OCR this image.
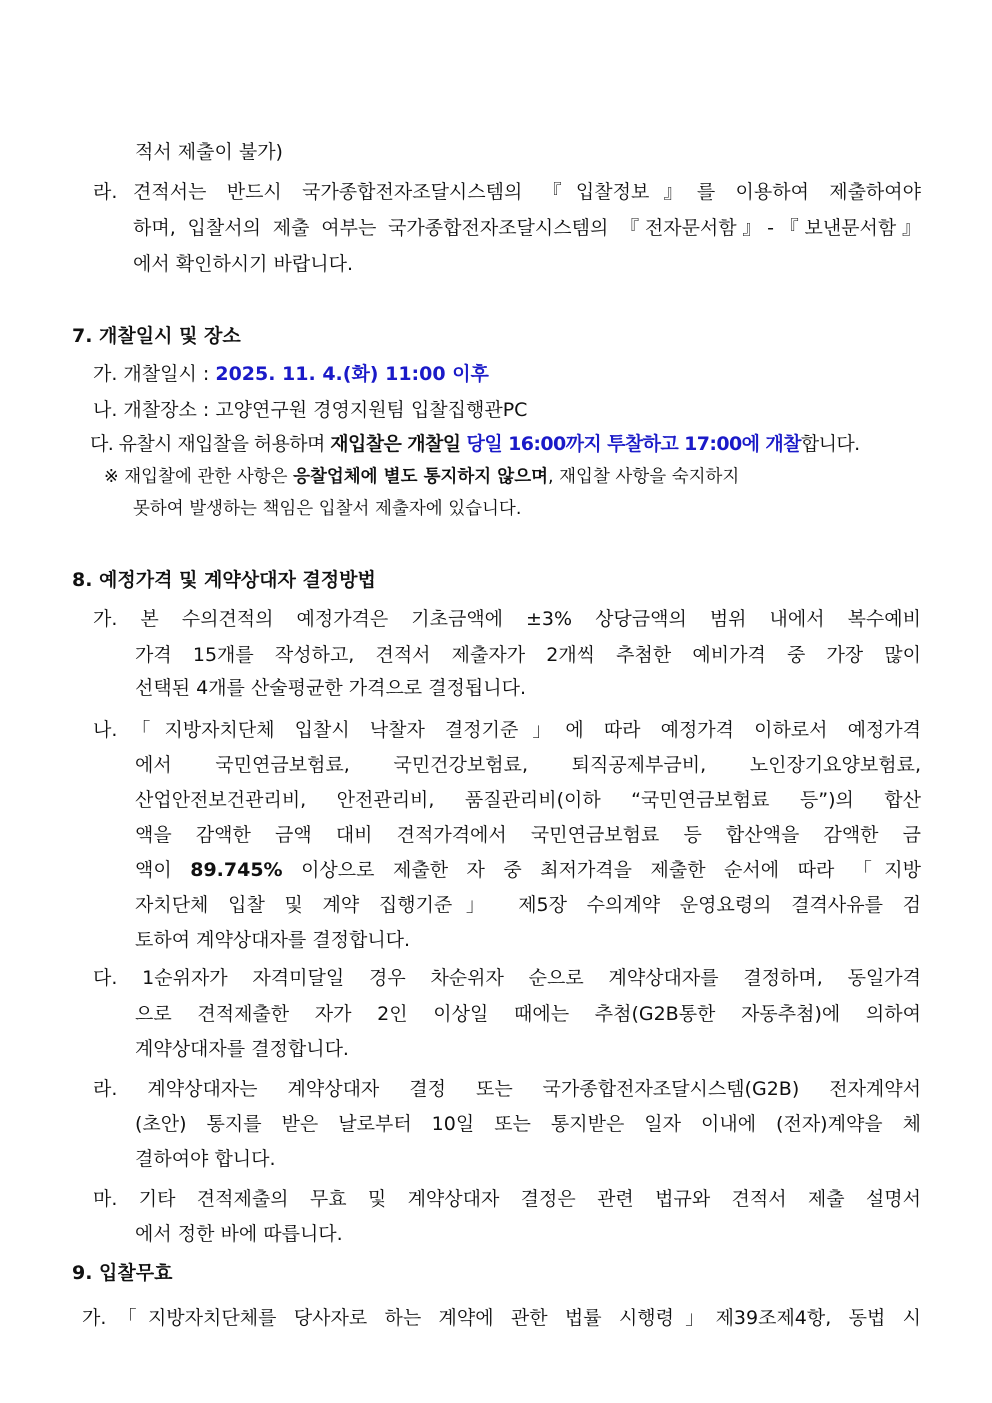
적서 제출이 불가)
라. 견적서는 반드시 국가종합전자조달시스템의 『입찰정보』를 이용하여 제출하여야
하며, 입찰서의 제출 여부는 국가종합전자조달시스템의 『전자문서함』-『보낸문서함』
에서 확인하시기 바랍니다.
7. 개찰일시 및 장소
가. 개찰일시 : 2025. 11. 4.(화) 11:00 이후
나. 개찰장소 : 고양연구원 경영지원팀 입찰집행관PC
다. 유찰시 재입찰을 허용하며 재입찰은 개찰일 당일 16:00까지 투찰하고 17:00에 개찰합니다.
※ 재입찰에 관한 사항은 응찰업체에 별도 통지하지 않으며, 재입찰 사항을 숙지하지
못하여 발생하는 책임은 입찰서 제출자에 있습니다.
8. 예정가격 및 계약상대자 결정방법
가. 본 수의견적의 예정가격은 기초금액에 ±3% 상당금액의 범위 내에서 복수예비
가격 15개를 작성하고, 견적서 제출자가 2개씩 추첨한 예비가격 중 가장 많이
선택된 4개를 산술평균한 가격으로 결정됩니다.
나.「지방자치단체 입찰시 낙찰자 결정기준」에 따라 예정가격 이하로서 예정가격
에서 국민연금보험료, 국민건강보험료, 퇴직공제부금비, 노인장기요양보험료,
산업안전보건관리비, 안전관리비, 품질관리비(이하 “국민연금보험료 등”)의 합산
액을 감액한 금액 대비 견적가격에서 국민연금보험료 등 합산액을 감액한 금
액이 89.745% 이상으로 제출한 자 중 최저가격을 제출한 순서에 따라 「지방
자치단체 입찰 및 계약 집행기준」 제5장 수의계약 운영요령의 결격사유를 검
토하여 계약상대자를 결정합니다.
다. 1순위자가 자격미달일 경우 차순위자 순으로 계약상대자를 결정하며, 동일가격
으로 견적제출한 자가 2인 이상일 때에는 추첨(G2B통한 자동추첨)에 의하여
계약상대자를 결정합니다.
라. 계약상대자는 계약상대자 결정 또는 국가종합전자조달시스템(G2B) 전자계약서
(초안) 통지를 받은 날로부터 10일 또는 통지받은 일자 이내에 (전자)계약을 체
결하여야 합니다.
마. 기타 견적제출의 무효 및 계약상대자 결정은 관련 법규와 견적서 제출 설명서
에서 정한 바에 따릅니다.
9. 입찰무효
가.「지방자치단체를 당사자로 하는 계약에 관한 법률 시행령」제39조제4항, 동법 시
